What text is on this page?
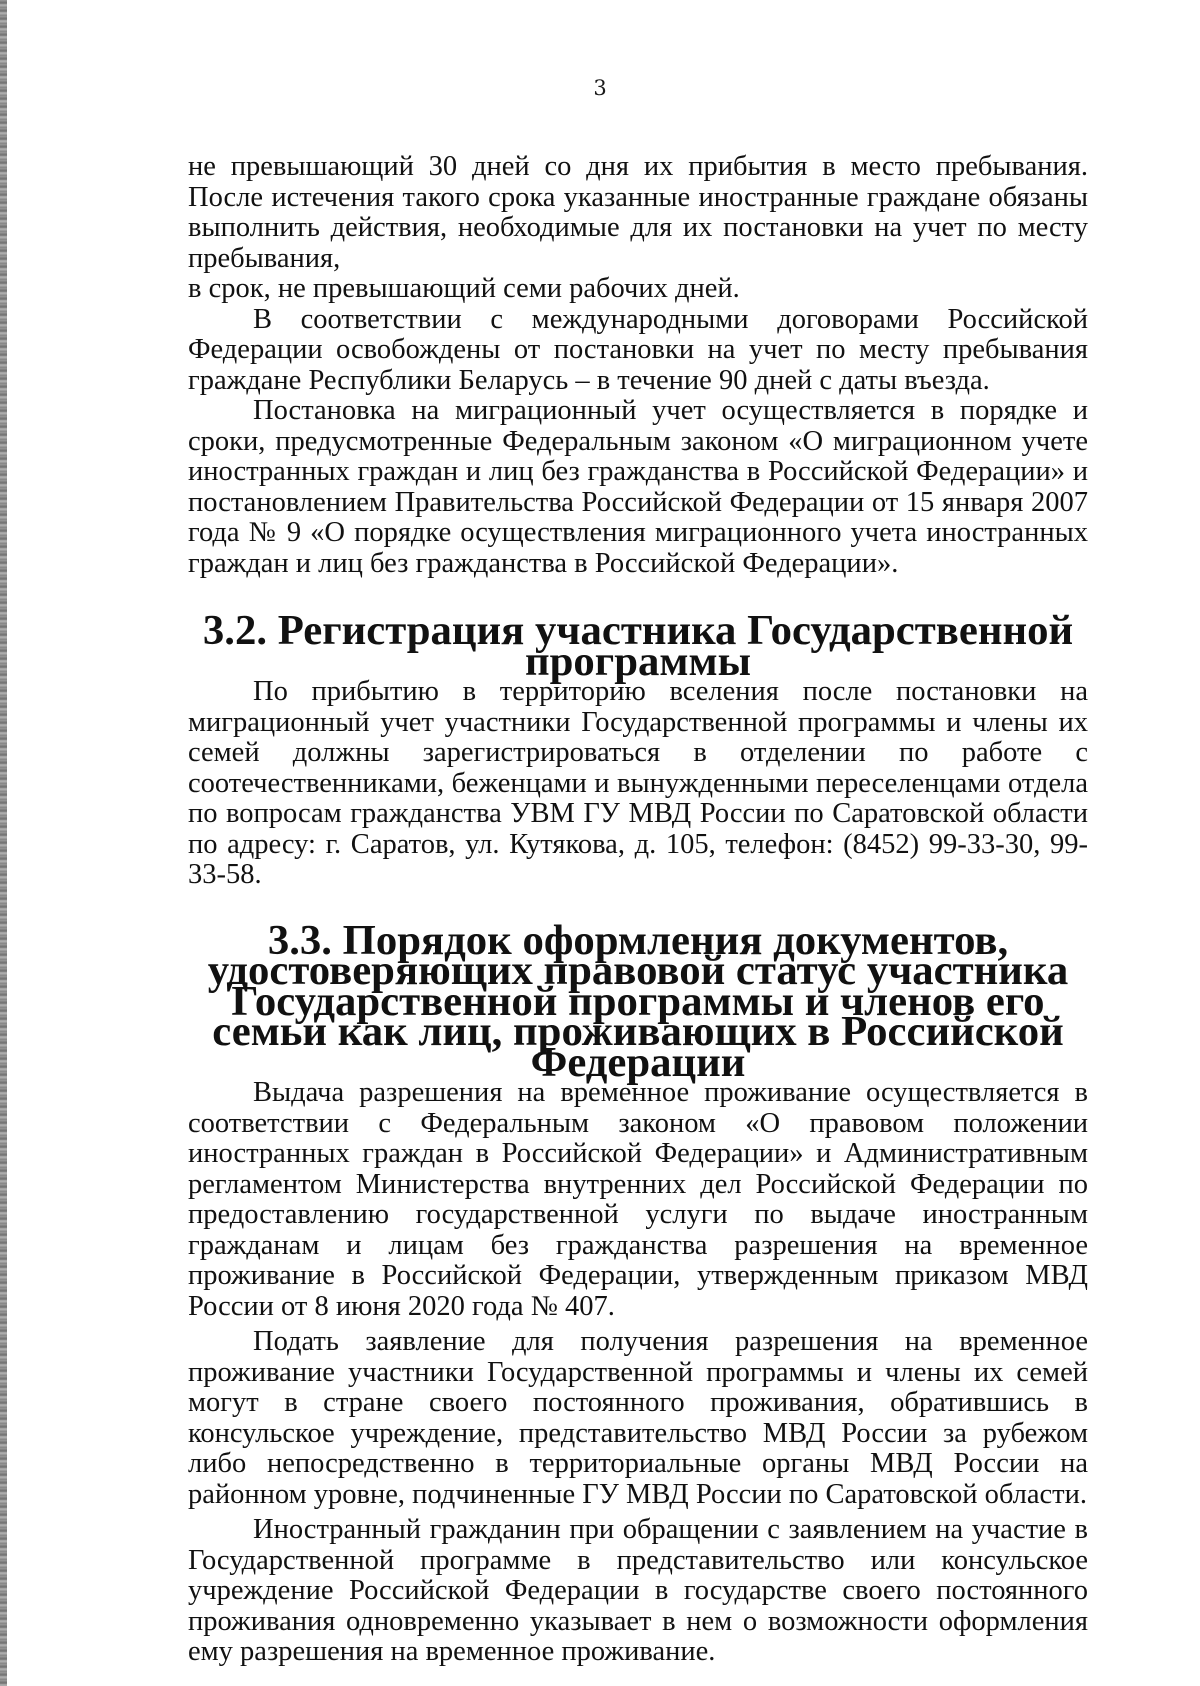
3

не превышающий 30 дней со дня их прибытия в место пребывания. После истечения такого срока указанные иностранные граждане обязаны выполнить действия, необходимые для их постановки на учет по месту пребывания,

в срок, не превышающий семи рабочих дней.

В соответствии с международными договорами Российской Федерации освобождены от постановки на учет по месту пребывания граждане Республики Беларусь – в течение 90 дней с даты въезда.

Постановка на миграционный учет осуществляется в порядке и сроки, предусмотренные Федеральным законом «О миграционном учете иностранных граждан и лиц без гражданства в Российской Федерации» и постановлением Правительства Российской Федерации от 15 января 2007 года № 9 «О порядке осуществления миграционного учета иностранных граждан и лиц без гражданства в Российской Федерации».

3.2. Регистрация участника Государственной программы

По прибытию в территорию вселения после постановки на миграционный учет участники Государственной программы и члены их семей должны зарегистрироваться в отделении по работе с соотечественниками, беженцами и вынужденными переселенцами отдела по вопросам гражданства УВМ ГУ МВД России по Саратовской области по адресу: г. Саратов, ул. Кутякова, д. 105, телефон: (8452) 99-33-30, 99-33-58.

3.3. Порядок оформления документов, удостоверяющих правовой статус участника Государственной программы и членов его семьи как лиц, проживающих в Российской Федерации

Выдача разрешения на временное проживание осуществляется в соответствии с Федеральным законом «О правовом положении иностранных граждан в Российской Федерации» и Административным регламентом Министерства внутренних дел Российской Федерации по предоставлению государственной услуги по выдаче иностранным гражданам и лицам без гражданства разрешения на временное проживание в Российской Федерации, утвержденным приказом МВД России от 8 июня 2020 года № 407.

Подать заявление для получения разрешения на временное проживание участники Государственной программы и члены их семей могут в стране своего постоянного проживания, обратившись в консульское учреждение, представительство МВД России за рубежом либо непосредственно в территориальные органы МВД России на районном уровне, подчиненные ГУ МВД России по Саратовской области.

Иностранный гражданин при обращении с заявлением на участие в Государственной программе в представительство или консульское учреждение Российской Федерации в государстве своего постоянного проживания одновременно указывает в нем о возможности оформления ему разрешения на временное проживание.
